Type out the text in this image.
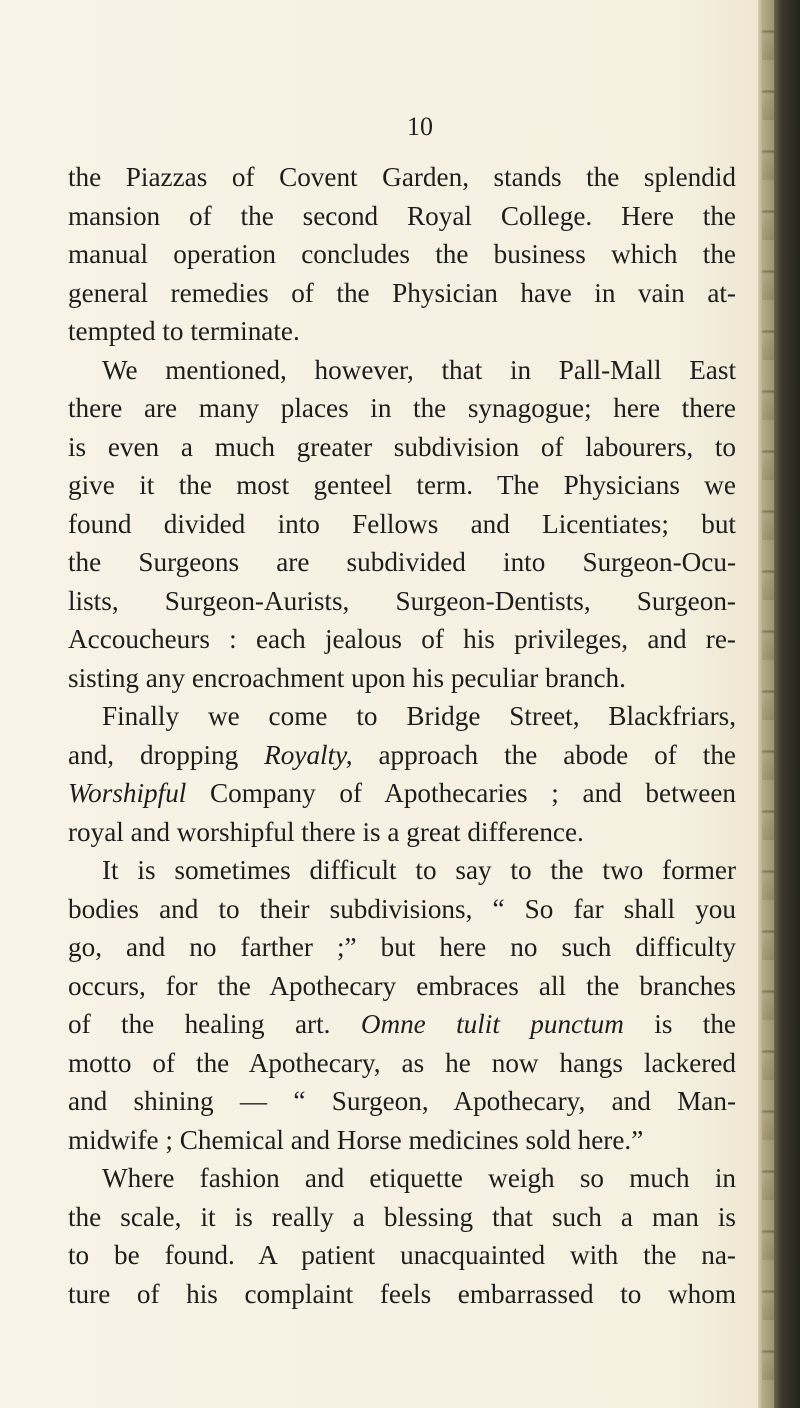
10
the Piazzas of Covent Garden, stands the splendid
mansion of the second Royal College. Here the
manual operation concludes the business which the
general remedies of the Physician have in vain at-
tempted to terminate.
We mentioned, however, that in Pall-Mall East
there are many places in the synagogue; here there
is even a much greater subdivision of labourers, to
give it the most genteel term. The Physicians we
found divided into Fellows and Licentiates; but
the Surgeons are subdivided into Surgeon-Ocu-
lists, Surgeon-Aurists, Surgeon-Dentists, Surgeon-
Accoucheurs : each jealous of his privileges, and re-
sisting any encroachment upon his peculiar branch.
Finally we come to Bridge Street, Blackfriars,
and, dropping Royalty, approach the abode of the
Worshipful Company of Apothecaries ; and between
royal and worshipful there is a great difference.
It is sometimes difficult to say to the two former
bodies and to their subdivisions, “ So far shall you
go, and no farther ;” but here no such difficulty
occurs, for the Apothecary embraces all the branches
of the healing art. Omne tulit punctum is the
motto of the Apothecary, as he now hangs lackered
and shining — “ Surgeon, Apothecary, and Man-
midwife ; Chemical and Horse medicines sold here.”
Where fashion and etiquette weigh so much in
the scale, it is really a blessing that such a man is
to be found. A patient unacquainted with the na-
ture of his complaint feels embarrassed to whom
